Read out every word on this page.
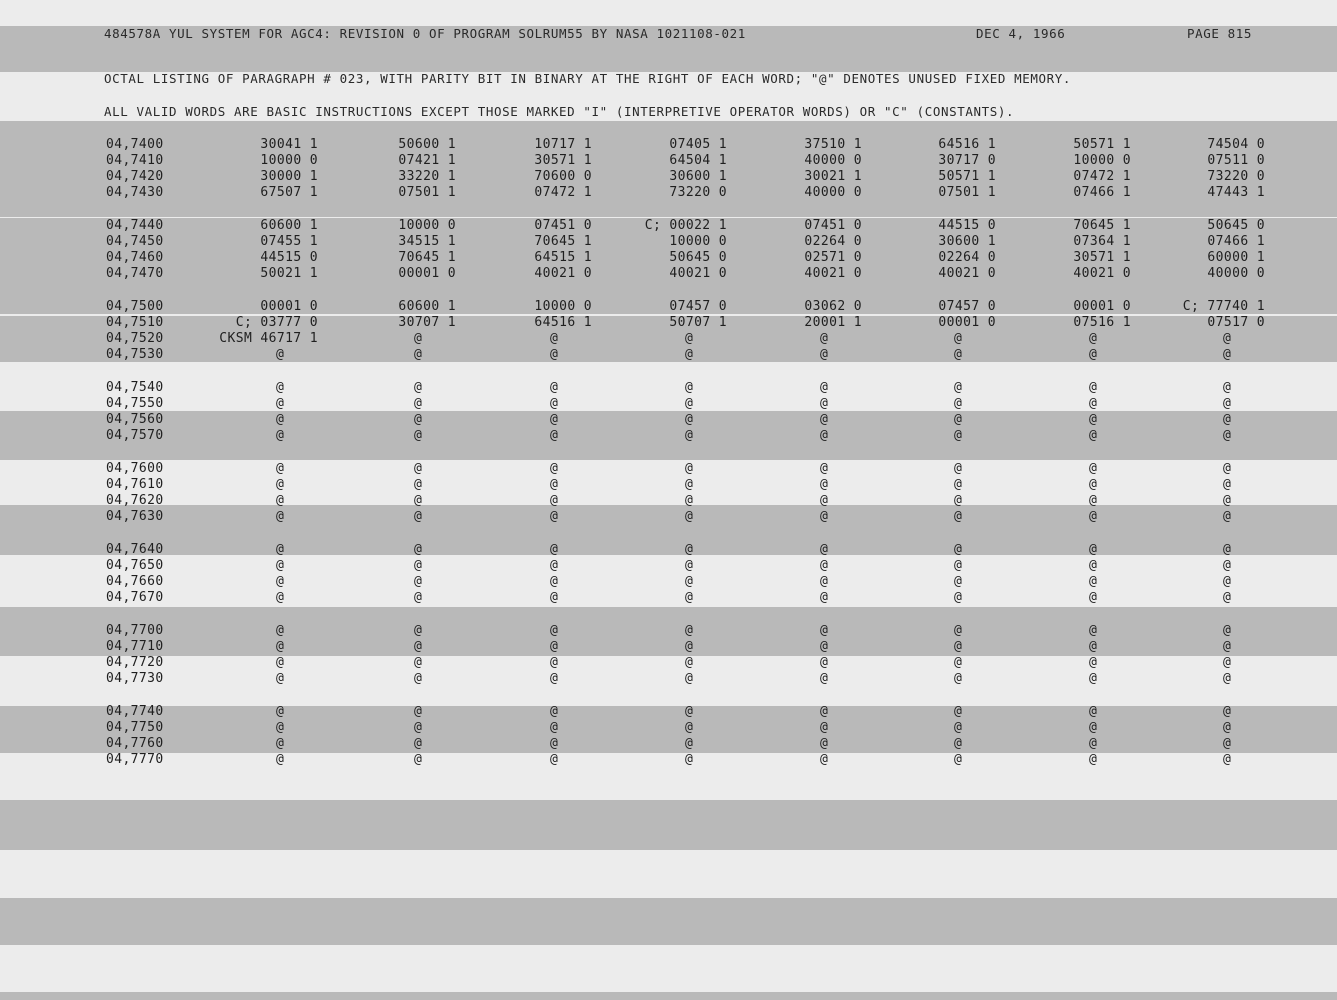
484578A YUL SYSTEM FOR AGC4: REVISION 0 OF PROGRAM SOLRUM55 BY NASA 1021108-021

	DEC 4, 1966

	PAGE 815

OCTAL LISTING OF PARAGRAPH # 023, WITH PARITY BIT IN BINARY AT THE RIGHT OF EACH WORD; "@" DENOTES UNUSED FIXED MEMORY.
ALL VALID WORDS ARE BASIC INSTRUCTIONS EXCEPT THOSE MARKED "I" (INTERPRETIVE OPERATOR WORDS) OR "C" (CONSTANTS).
04,7400	30041 1	50600 1	10717 1	07405 1	37510 1	64516 1	50571 1	74504 0
04,7410	10000 0	07421 1	30571 1	64504 1	40000 0	30717 0	10000 0	07511 0
04,7420	30000 1	33220 1	70600 0	30600 1	30021 1	50571 1	07472 1	73220 0
04,7430	67507 1	07501 1	07472 1	73220 0	40000 0	07501 1	07466 1	47443 1
04,7440	60600 1	10000 0	07451 0	C; 00022 1	07451 0	44515 0	70645 1	50645 0
04,7450	07455 1	34515 1	70645 1	10000 0	02264 0	30600 1	07364 1	07466 1
04,7460	44515 0	70645 1	64515 1	50645 0	02571 0	02264 0	30571 1	60000 1
04,7470	50021 1	00001 0	40021 0	40021 0	40021 0	40021 0	40021 0	40000 0
04,7500	00001 0	60600 1	10000 0	07457 0	03062 0	07457 0	00001 0	C; 77740 1
04,7510	C; 03777 0	30707 1	64516 1	50707 1	20001 1	00001 0	07516 1	07517 0
04,7520	CKSM 46717 1	@	@	@	@	@	@	@
04,7530	@	@	@	@	@	@	@	@
04,7540	@	@	@	@	@	@	@	@
04,7550	@	@	@	@	@	@	@	@
04,7560	@	@	@	@	@	@	@	@
04,7570	@	@	@	@	@	@	@	@
04,7600	@	@	@	@	@	@	@	@
04,7610	@	@	@	@	@	@	@	@
04,7620	@	@	@	@	@	@	@	@
04,7630	@	@	@	@	@	@	@	@
04,7640	@	@	@	@	@	@	@	@
04,7650	@	@	@	@	@	@	@	@
04,7660	@	@	@	@	@	@	@	@
04,7670	@	@	@	@	@	@	@	@
04,7700	@	@	@	@	@	@	@	@
04,7710	@	@	@	@	@	@	@	@
04,7720	@	@	@	@	@	@	@	@
04,7730	@	@	@	@	@	@	@	@
04,7740	@	@	@	@	@	@	@	@
04,7750	@	@	@	@	@	@	@	@
04,7760	@	@	@	@	@	@	@	@
04,7770	@	@	@	@	@	@	@	@
